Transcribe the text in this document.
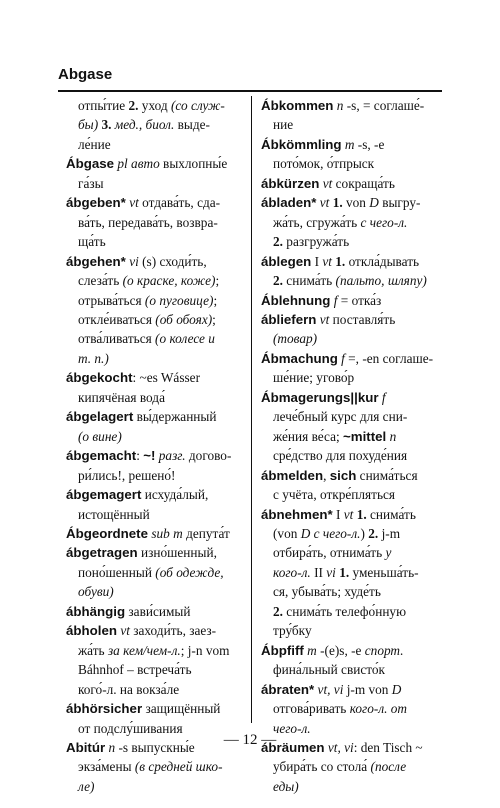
Abgase
отпы́тие 2. уход (со служ-
бы) 3. мед., биол. выде-
ле́ние
Ábgase pl авто выхлопны́е
га́зы
ábgeben* vt отдава́ть, сда-
ва́ть, передава́ть, возвра-
ща́ть
ábgehen* vi (s) сходи́ть,
слеза́ть (о краске, коже);
отрыва́ться (о пуговице);
откле́иваться (об обоях);
отва́ливаться (о колесе и
т. п.)
ábgekocht: ~es Wásser
кипячёная вода́
ábgelagert вы́держанный
(о вине)
ábgemacht: ~! разг. догово-
ри́лись!, решено́!
ábgemagert исхуда́лый,
истощённый
Ábgeordnete sub m депута́т
ábgetragen изно́шенный,
поно́шенный (об одежде,
обуви)
ábhängig зави́симый
ábholen vt заходи́ть, заез-
жа́ть за кем/чем-л.; j-n vom
Báhnhof – встреча́ть
кого́-л. на вокза́ле
ábhörsicher защищённый
от подслу́шивания
Abitúr n -s выпускны́е
экза́мены (в средней шко-
ле)
Ábkommen n -s, = соглаше́-
ние
Ábkömmling m -s, -e
пото́мок, о́тпрыск
ábkürzen vt сокраща́ть
ábladen* vt 1. von D выгру-
жа́ть, сгружа́ть с чего-л.
2. разгружа́ть
áblegen I vt 1. откла́дывать
2. снима́ть (пальто, шляпу)
Áblehnung f = отка́з
ábliefern vt поставля́ть
(товар)
Ábmachung f =, -en соглаше-
ше́ние; угово́р
Ábmagerungs||kur f
лече́бный курс для сни-
же́ния ве́са; ~mittel n
сре́дство для похуде́ния
ábmelden, sich снима́ться
с учёта, откре́пляться
ábnehmen* I vt 1. снима́ть
(von D с чего-л.) 2. j-m
отбира́ть, отнима́ть у
кого-л. II vi 1. уменьша́ть-
ся, убыва́ть; худе́ть
2. снима́ть телефо́нную
тру́бку
Ábpfiff m -(e)s, -e спорт.
фина́льный свисто́к
ábraten* vt, vi j-m von D
отгова́ривать кого-л. от
чего-л.
ábräumen vt, vi: den Tisch ~
убира́ть со стола́ (после
еды)
— 12 —
